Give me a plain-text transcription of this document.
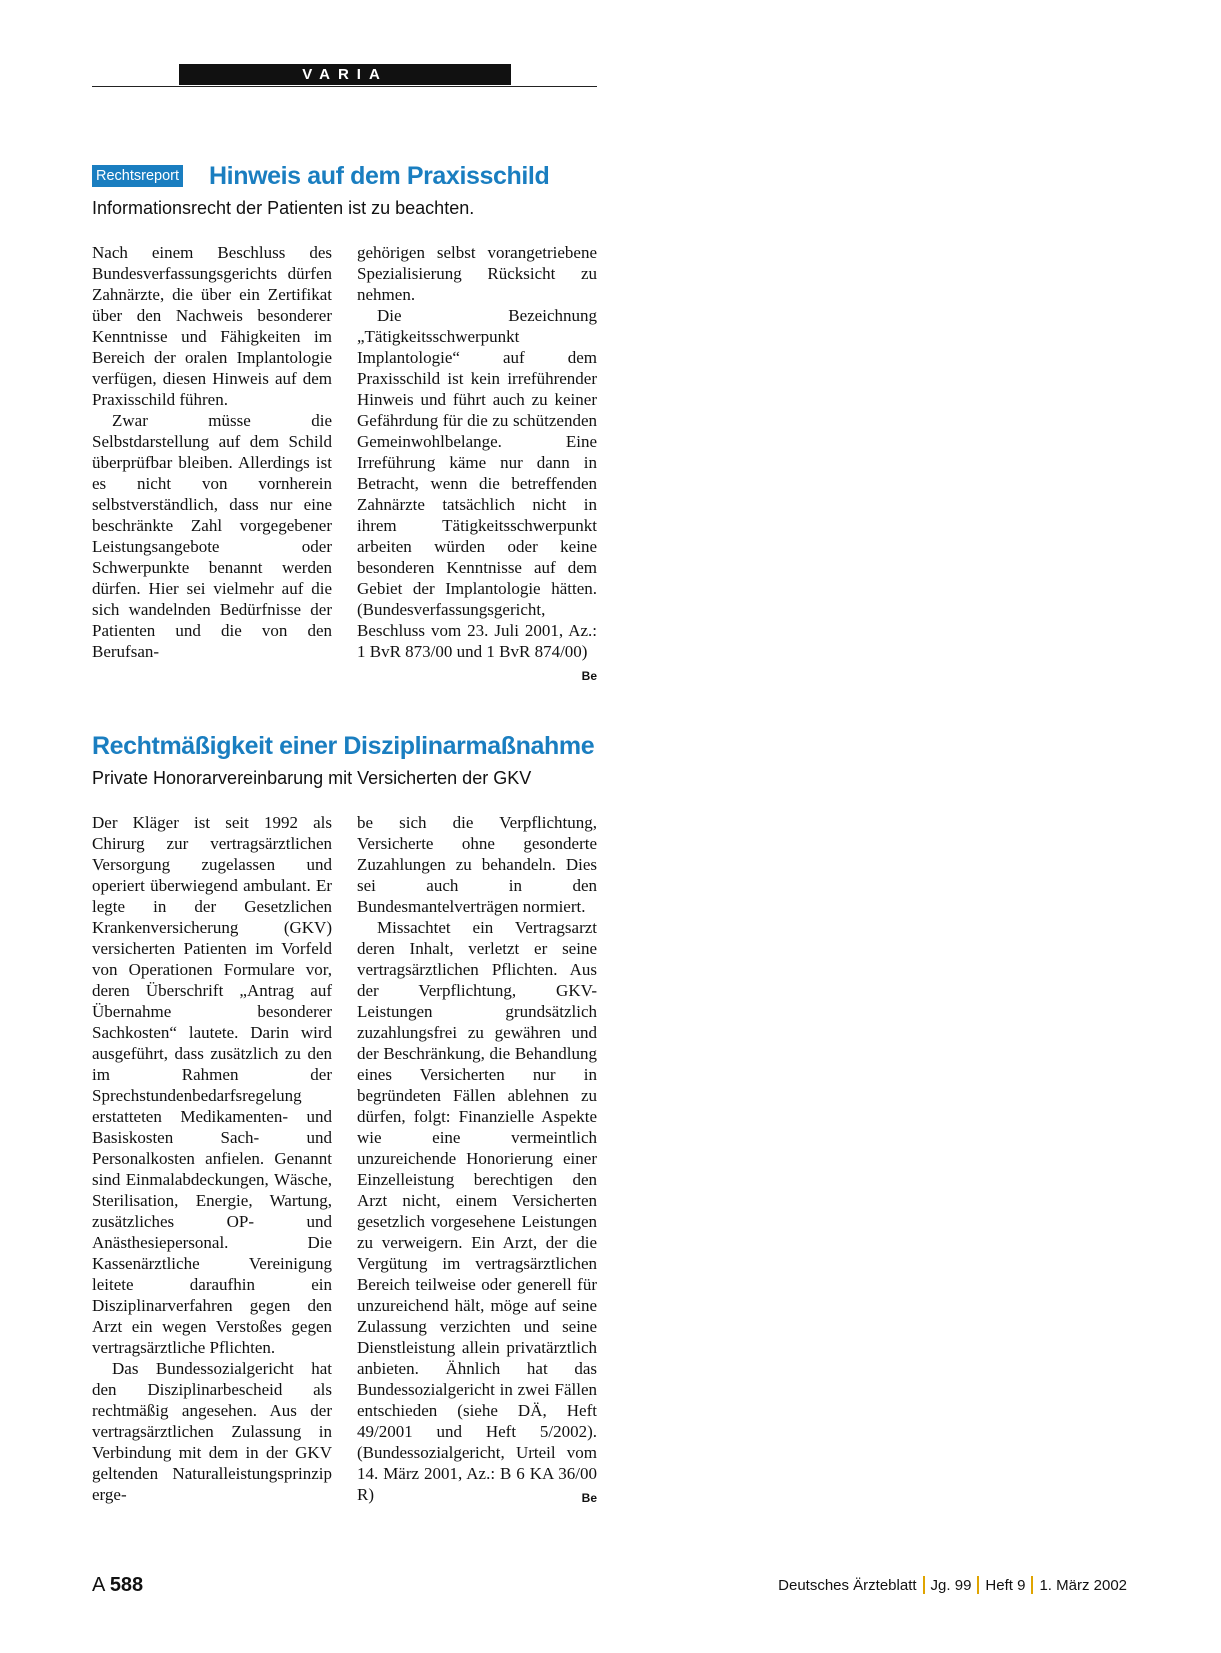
VARIA
Rechtsreport Hinweis auf dem Praxisschild
Informationsrecht der Patienten ist zu beachten.

Nach einem Beschluss des Bundesverfassungsgerichts dürfen Zahnärzte, die über ein Zertifikat über den Nachweis besonderer Kenntnisse und Fähigkeiten im Bereich der oralen Implantologie verfügen, diesen Hinweis auf dem Praxisschild führen.

Zwar müsse die Selbstdarstellung auf dem Schild überprüfbar bleiben. Allerdings ist es nicht von vornherein selbstverständlich, dass nur eine beschränkte Zahl vorgegebener Leistungsangebote oder Schwerpunkte benannt werden dürfen. Hier sei vielmehr auf die sich wandelnden Bedürfnisse der Patienten und die von den Berufsan-

gehörigen selbst vorangetriebene Spezialisierung Rücksicht zu nehmen.

Die Bezeichnung „Tätigkeitsschwerpunkt Implantologie“ auf dem Praxisschild ist kein irreführender Hinweis und führt auch zu keiner Gefährdung für die zu schützenden Gemeinwohlbelange. Eine Irreführung käme nur dann in Betracht, wenn die betreffenden Zahnärzte tatsächlich nicht in ihrem Tätigkeitsschwerpunkt arbeiten würden oder keine besonderen Kenntnisse auf dem Gebiet der Implantologie hätten. (Bundesverfassungsgericht, Beschluss vom 23. Juli 2001, Az.: 1 BvR 873/00 und 1 BvR 874/00)
Be

Rechtmäßigkeit einer Disziplinarmaßnahme
Private Honorarvereinbarung mit Versicherten der GKV

Der Kläger ist seit 1992 als Chirurg zur vertragsärztlichen Versorgung zugelassen und operiert überwiegend ambulant. Er legte in der Gesetzlichen Krankenversicherung (GKV) versicherten Patienten im Vorfeld von Operationen Formulare vor, deren Überschrift „Antrag auf Übernahme besonderer Sachkosten“ lautete. Darin wird ausgeführt, dass zusätzlich zu den im Rahmen der Sprechstundenbedarfsregelung erstatteten Medikamenten- und Basiskosten Sach- und Personalkosten anfielen. Genannt sind Einmalabdeckungen, Wäsche, Sterilisation, Energie, Wartung, zusätzliches OP- und Anästhesiepersonal. Die Kassenärztliche Vereinigung leitete daraufhin ein Disziplinarverfahren gegen den Arzt ein wegen Verstoßes gegen vertragsärztliche Pflichten.

Das Bundessozialgericht hat den Disziplinarbescheid als rechtmäßig angesehen. Aus der vertragsärztlichen Zulassung in Verbindung mit dem in der GKV geltenden Naturalleistungsprinzip erge-

be sich die Verpflichtung, Versicherte ohne gesonderte Zuzahlungen zu behandeln. Dies sei auch in den Bundesmantelverträgen normiert.

Missachtet ein Vertragsarzt deren Inhalt, verletzt er seine vertragsärztlichen Pflichten. Aus der Verpflichtung, GKV-Leistungen grundsätzlich zuzahlungsfrei zu gewähren und der Beschränkung, die Behandlung eines Versicherten nur in begründeten Fällen ablehnen zu dürfen, folgt: Finanzielle Aspekte wie eine vermeintlich unzureichende Honorierung einer Einzelleistung berechtigen den Arzt nicht, einem Versicherten gesetzlich vorgesehene Leistungen zu verweigern. Ein Arzt, der die Vergütung im vertragsärztlichen Bereich teilweise oder generell für unzureichend hält, möge auf seine Zulassung verzichten und seine Dienstleistung allein privatärztlich anbieten. Ähnlich hat das Bundessozialgericht in zwei Fällen entschieden (siehe DÄ, Heft 49/2001 und Heft 5/2002). (Bundessozialgericht, Urteil vom 14. März 2001, Az.: B 6 KA 36/00 R)	Be

A 588	Deutsches Ärzteblatt Jg. 99 Heft 9 1. März 2002
